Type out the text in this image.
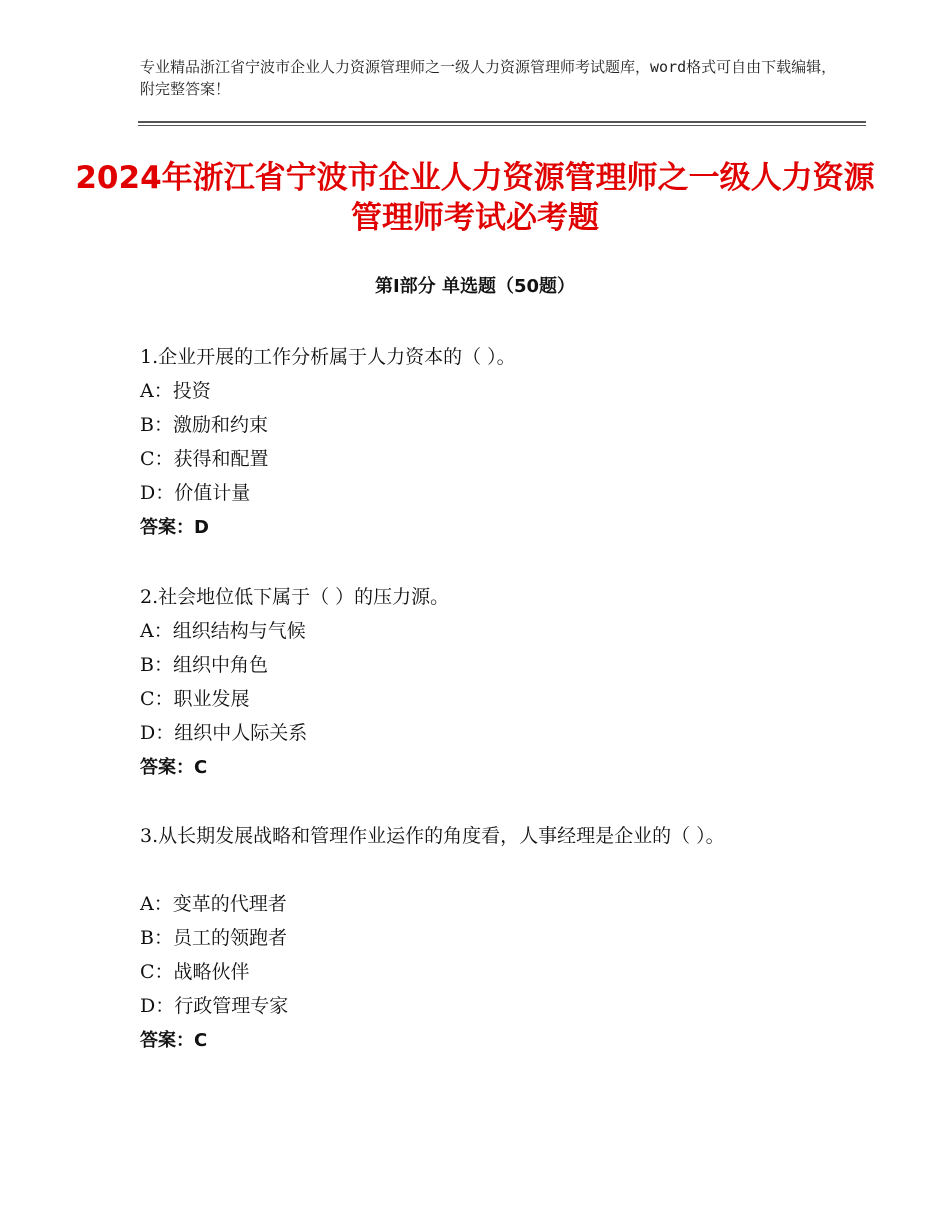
专业精品浙江省宁波市企业人力资源管理师之一级人力资源管理师考试题库，word格式可自由下载编辑，附完整答案！
2024年浙江省宁波市企业人力资源管理师之一级人力资源管理师考试必考题
第Ⅰ部分 单选题（50题）
1.企业开展的工作分析属于人力资本的（ ）。
A：投资
B：激励和约束
C：获得和配置
D：价值计量
答案：D
2.社会地位低下属于（ ）的压力源。
A：组织结构与气候
B：组织中角色
C：职业发展
D：组织中人际关系
答案：C
3.从长期发展战略和管理作业运作的角度看，人事经理是企业的（ ）。
A：变革的代理者
B：员工的领跑者
C：战略伙伴
D：行政管理专家
答案：C
